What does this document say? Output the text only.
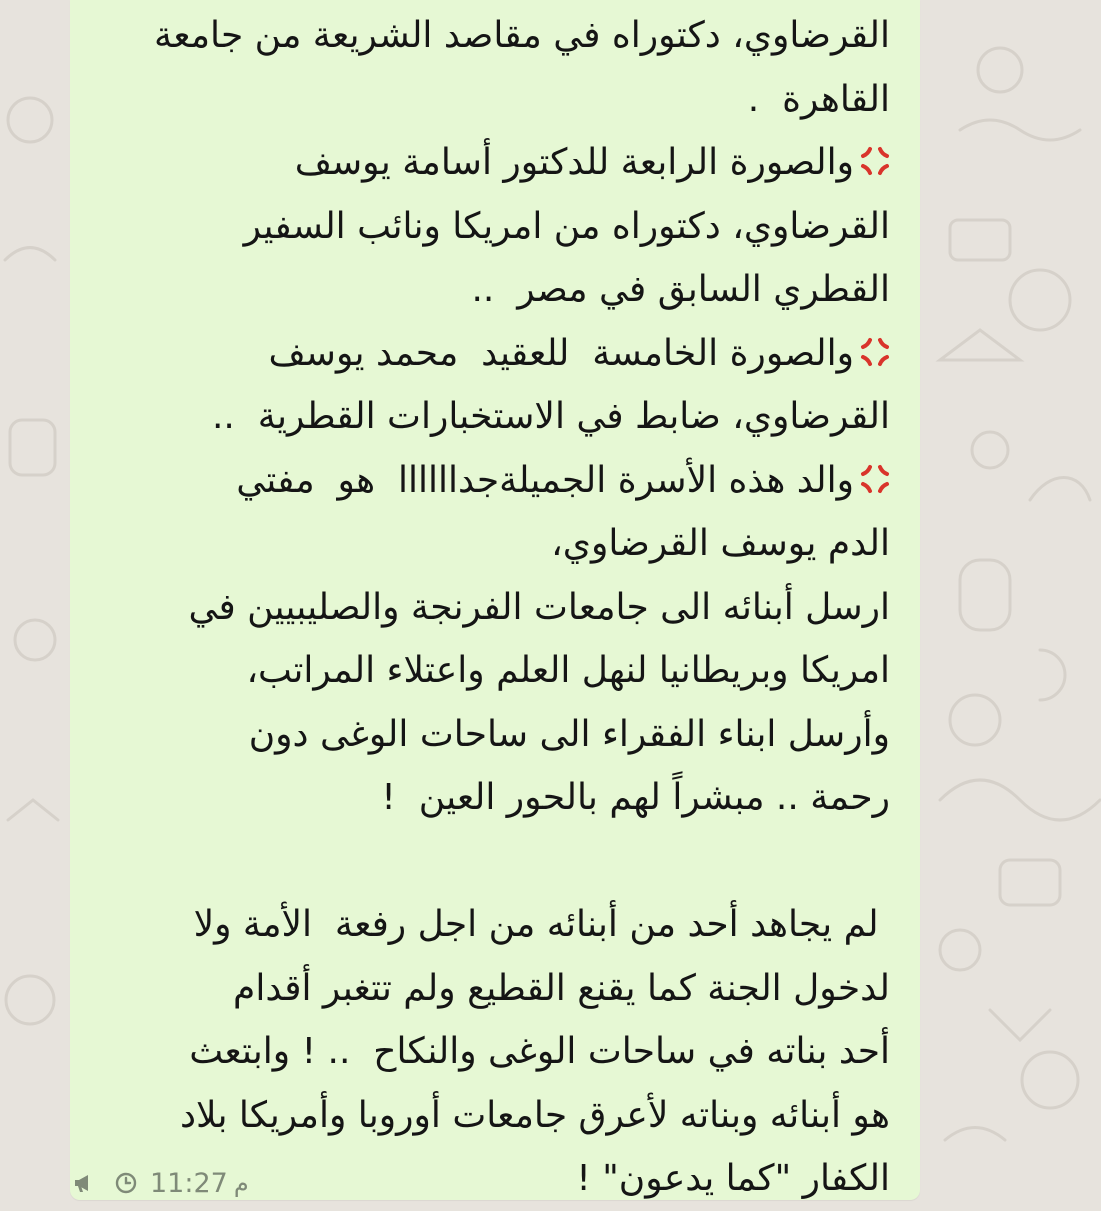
القرضاوي، دكتوراه في مقاصد الشريعة من جامعة
القاهرة  .
والصورة الرابعة للدكتور أسامة يوسف
القرضاوي، دكتوراه من امريكا ونائب السفير
القطري السابق في مصر  ..
والصورة الخامسة  للعقيد  محمد يوسف
القرضاوي، ضابط في الاستخبارات القطرية  ..
والد هذه الأسرة الجميلةجداااااا  هو  مفتي
الدم يوسف القرضاوي،
ارسل أبنائه الى جامعات الفرنجة والصليبيين في
امريكا وبريطانيا لنهل العلم واعتلاء المراتب،
وأرسل ابناء الفقراء الى ساحات الوغى دون
رحمة .. مبشراً لهم بالحور العين  !

لم يجاهد أحد من أبنائه من اجل رفعة  الأمة ولا
لدخول الجنة كما يقنع القطيع ولم تتغبر أقدام
أحد بناته في ساحات الوغى والنكاح  .. ! وابتعث
هو أبنائه وبناته لأعرق جامعات أوروبا وأمريكا بلاد
الكفار "كما يدعون" !
11:27 م
